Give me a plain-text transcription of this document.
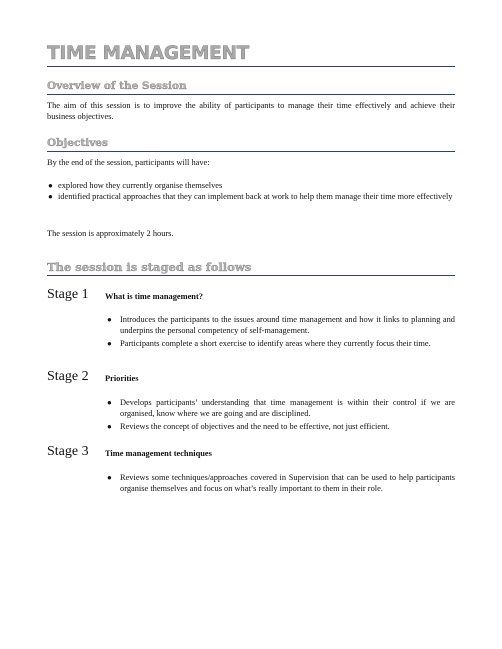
TIME MANAGEMENT
Overview of the Session
The aim of this session is to improve the ability of participants to manage their time effectively and achieve their business objectives.
Objectives
By the end of the session, participants will have:
● explored how they currently organise themselves
● identified practical approaches that they can implement back at work to help them manage their time more effectively
The session is approximately 2 hours.
The session is staged as follows
Stage 1 What is time management?
● Introduces the participants to the issues around time management and how it links to planning and underpins the personal competency of self-management.
● Participants complete a short exercise to identify areas where they currently focus their time.
Stage 2 Priorities
● Develops participants’ understanding that time management is within their control if we are organised, know where we are going and are disciplined.
● Reviews the concept of objectives and the need to be effective, not just efficient.
Stage 3 Time management techniques
● Reviews some techniques/approaches covered in Supervision that can be used to help participants organise themselves and focus on what’s really important to them in their role.
